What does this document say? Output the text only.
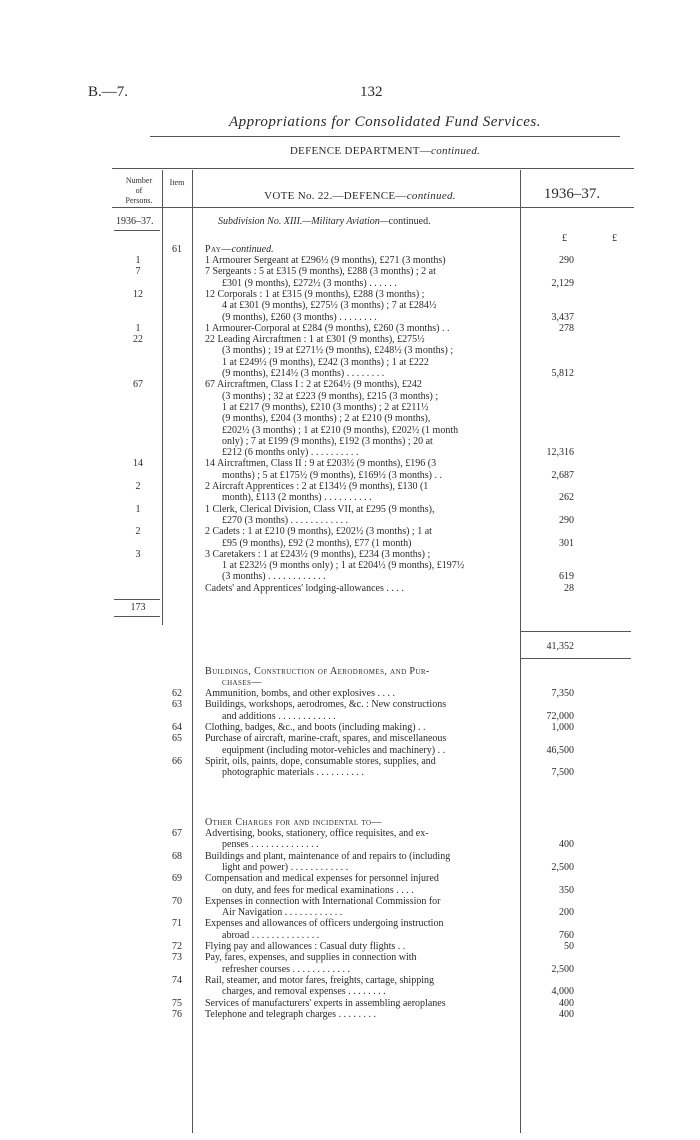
B.—7.	132
Appropriations for Consolidated Fund Services.
DEFENCE DEPARTMENT—continued.
Number
of
Persons.
Item
VOTE No. 22.—DEFENCE—continued.	1936–37.
1936–37.	Subdivision No. XIII.—Military Aviation—continued.
£	£
61	Pay—continued.
1	1 Armourer Sergeant at £296½ (9 months), £271 (3 months)	290
7	7 Sergeants : 5 at £315 (9 months), £288 (3 months) ; 2 at
£301 (9 months), £272½ (3 months) . . . . . .	2,129
12	12 Corporals : 1 at £315 (9 months), £288 (3 months) ;
4 at £301 (9 months), £275½ (3 months) ; 7 at £284½
(9 months), £260 (3 months) . . . . . . . .	3,437
1	1 Armourer-Corporal at £284 (9 months), £260 (3 months) . .	278
22	22 Leading Aircraftmen : 1 at £301 (9 months), £275½
(3 months) ; 19 at £271½ (9 months), £248½ (3 months) ;
1 at £249½ (9 months), £242 (3 months) ; 1 at £222
(9 months), £214½ (3 months) . . . . . . . .	5,812
67	67 Aircraftmen, Class I : 2 at £264½ (9 months), £242
(3 months) ; 32 at £223 (9 months), £215 (3 months) ;
1 at £217 (9 months), £210 (3 months) ; 2 at £211½
(9 months), £204 (3 months) ; 2 at £210 (9 months),
£202½ (3 months) ; 1 at £210 (9 months), £202½ (1 month
only) ; 7 at £199 (9 months), £192 (3 months) ; 20 at
£212 (6 months only) . . . . . . . . . .	12,316
14	14 Aircraftmen, Class II : 9 at £203½ (9 months), £196 (3
months) ; 5 at £175½ (9 months), £169½ (3 months) . .	2,687
2	2 Aircraft Apprentices : 2 at £134½ (9 months), £130 (1
month), £113 (2 months) . . . . . . . . . .	262
1	1 Clerk, Clerical Division, Class VII, at £295 (9 months),
£270 (3 months) . . . . . . . . . . . .	290
2	2 Cadets : 1 at £210 (9 months), £202½ (3 months) ; 1 at
£95 (9 months), £92 (2 months), £77 (1 month)	301
3	3 Caretakers : 1 at £243½ (9 months), £234 (3 months) ;
1 at £232½ (9 months only) ; 1 at £204½ (9 months), £197½
(3 months) . . . . . . . . . . . .	619
Cadets' and Apprentices' lodging-allowances . . . .	28
173
41,352
Buildings, Construction of Aerodromes, and Pur-
chases—
62	Ammunition, bombs, and other explosives . . . .	7,350
63	Buildings, workshops, aerodromes, &c. : New constructions
and additions . . . . . . . . . . . .	72,000
64	Clothing, badges, &c., and boots (including making) . .	1,000
65	Purchase of aircraft, marine-craft, spares, and miscellaneous
equipment (including motor-vehicles and machinery) . .	46,500
66	Spirit, oils, paints, dope, consumable stores, supplies, and
photographic materials . . . . . . . . . .	7,500
Other Charges for and incidental to—
67	Advertising, books, stationery, office requisites, and ex-
penses . . . . . . . . . . . . . .	400
68	Buildings and plant, maintenance of and repairs to (including
light and power) . . . . . . . . . . . .	2,500
69	Compensation and medical expenses for personnel injured
on duty, and fees for medical examinations . . . .	350
70	Expenses in connection with International Commission for
Air Navigation . . . . . . . . . . . .	200
71	Expenses and allowances of officers undergoing instruction
abroad . . . . . . . . . . . . . .	760
72	Flying pay and allowances : Casual duty flights . .	50
73	Pay, fares, expenses, and supplies in connection with
refresher courses . . . . . . . . . . . .	2,500
74	Rail, steamer, and motor fares, freights, cartage, shipping
charges, and removal expenses . . . . . . . .	4,000
75	Services of manufacturers' experts in assembling aeroplanes	400
76	Telephone and telegraph charges . . . . . . . .	400
